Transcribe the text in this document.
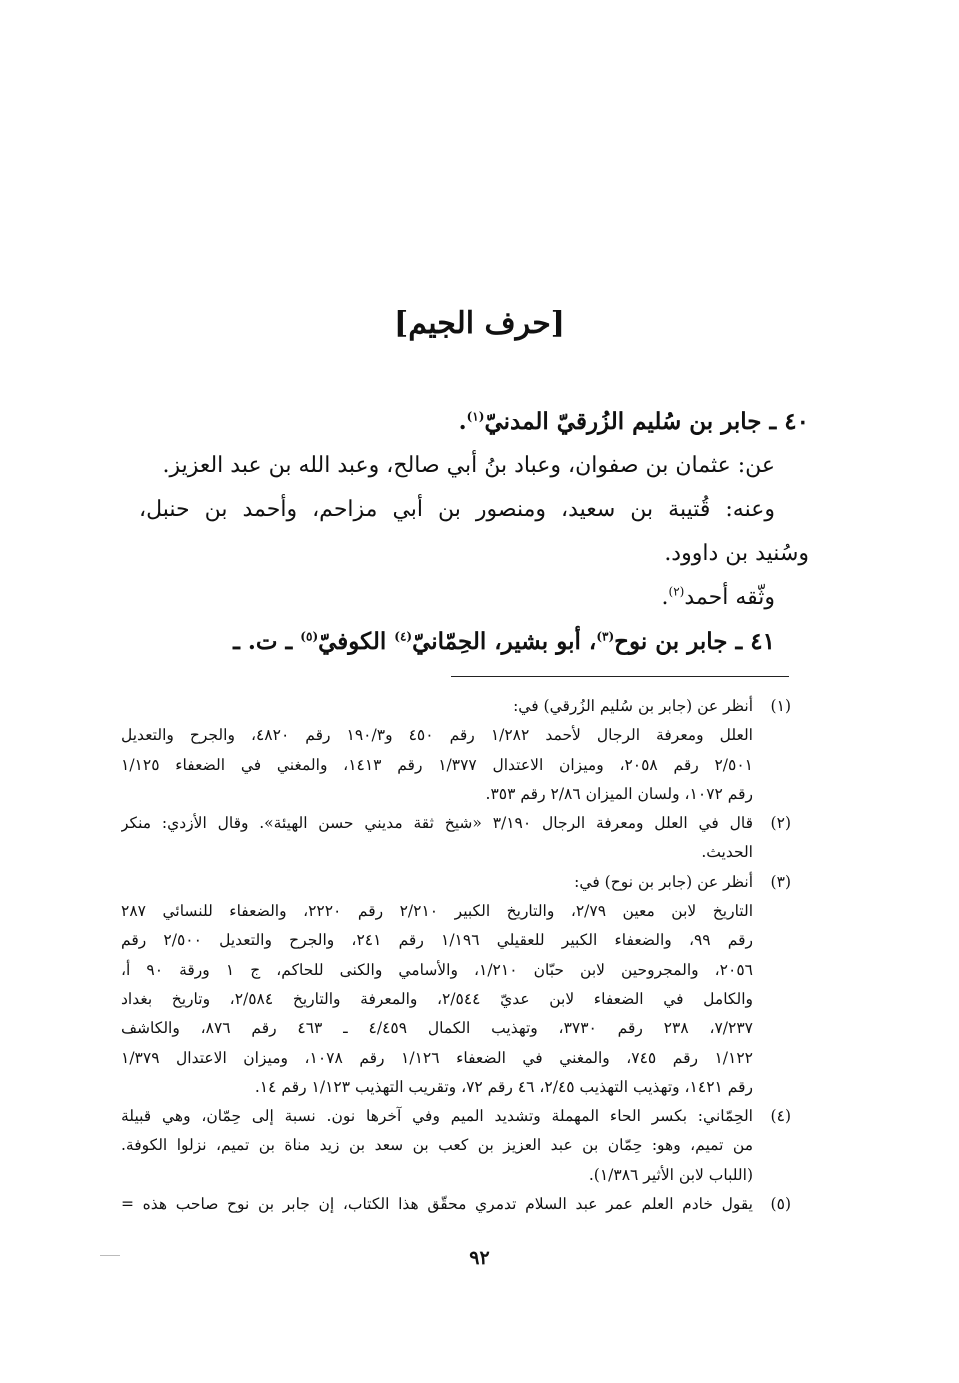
[حرف الجيم]
٤٠ ـ جابر بن سُليم الزُرقيّ المدنيّ$^{(١)}$.
عن: عثمان بن صفوان، وعباد بنُ أبي صالح، وعبد الله بن عبد العزيز.
وعنه: قُتيبة بن سعيد، ومنصور بن أبي مزاحم، وأحمد بن حنبل،
وسُنيد بن داوود.
وثّقه أحمد$^{(٢)}$.
٤١ ـ جابر بن نوح$^{(٣)}$، أبو بشير، الحِمّانيّ$^{(٤)}$ الكوفيّ$^{(٥)}$ ـ ت. ـ
(١)
أنظر عن (جابر بن سُليم الزُرقي) في:
العلل ومعرفة الرجال لأحمد ١/٢٨٢ رقم ٤٥٠ و١٩٠/٣ رقم ٤٨٢٠، والجرح والتعديل
٢/٥٠١ رقم ٢٠٥٨، وميزان الاعتدال ١/٣٧٧ رقم ١٤١٣، والمغني في الضعفاء ١/١٢٥
رقم ١٠٧٢، ولسان الميزان ٢/٨٦ رقم ٣٥٣.
(٢)
قال في العلل ومعرفة الرجال ٣/١٩٠ «شيخ ثقة مديني حسن الهيئة». وقال الأزدي: منكر
الحديث.
(٣)
أنظر عن (جابر بن نوح) في:
التاريخ لابن معين ٢/٧٩، والتاريخ الكبير ٢/٢١٠ رقم ٢٢٢٠، والضعفاء للنسائي ٢٨٧
رقم ٩٩، والضعفاء الكبير للعقيلي ١/١٩٦ رقم ٢٤١، والجرح والتعديل ٢/٥٠٠ رقم
٢٠٥٦، والمجروحين لابن حبّان ١/٢١٠، والأسامي والكنى للحاكم، ج ١ ورقة ٩٠ أ،
والكامل في الضعفاء لابن عديّ ٢/٥٤٤، والمعرفة والتاريخ ٢/٥٨٤، وتاريخ بغداد
٧/٢٣٧، ٢٣٨ رقم ٣٧٣٠، وتهذيب الكمال ٤/٤٥٩ ـ ٤٦٣ رقم ٨٧٦، والكاشف
١/١٢٢ رقم ٧٤٥، والمغني في الضعفاء ١/١٢٦ رقم ١٠٧٨، وميزان الاعتدال ١/٣٧٩
رقم ١٤٢١، وتهذيب التهذيب ٢/٤٥، ٤٦ رقم ٧٢، وتقريب التهذيب ١/١٢٣ رقم ١٤.
(٤)
الحِمّاني: بكسر الحاء المهملة وتشديد الميم وفي آخرها نون. نسبة إلى حِمّان، وهي قبيلة
من تميم، وهو: حِمّان بن عبد العزيز بن كعب بن سعد بن زيد مناة بن تميم، نزلوا الكوفة.
(اللباب لابن الأثير ١/٣٨٦).
(٥)
يقول خادم العلم عمر عبد السلام تدمري محقّق هذا الكتاب، إن جابر بن نوح صاحب هذه =
٩٢
